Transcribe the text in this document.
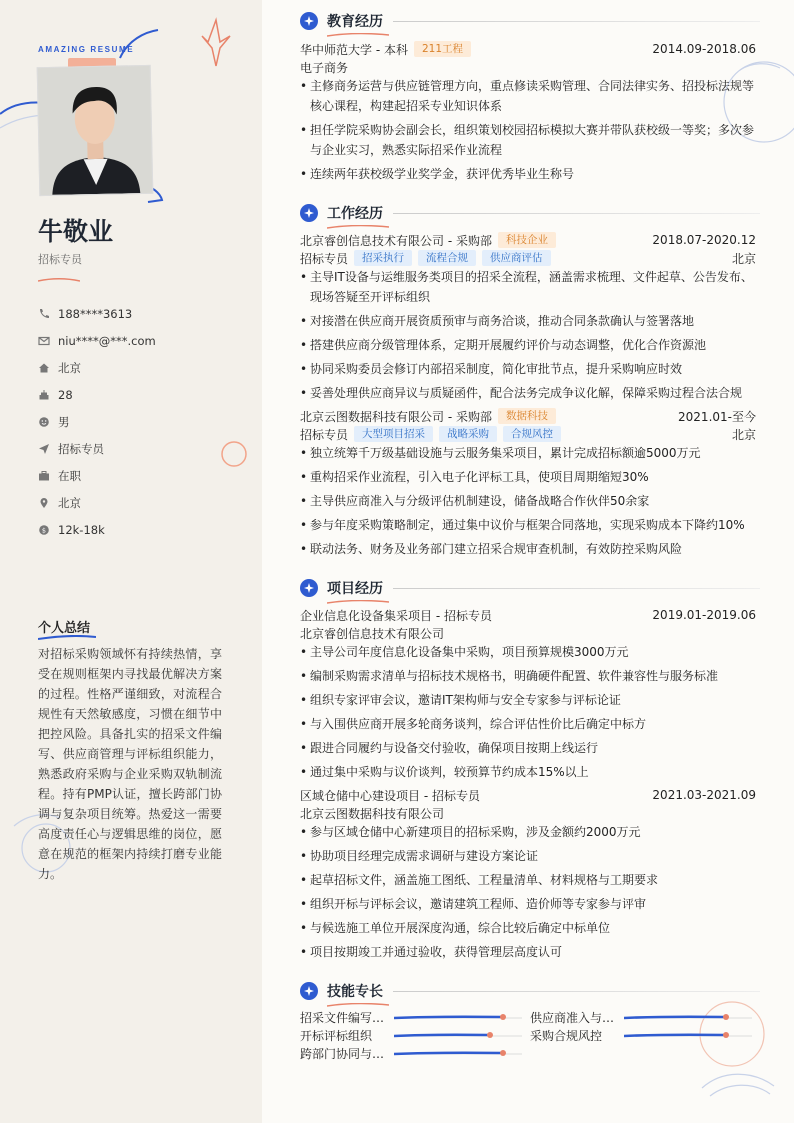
AMAZING RESUME
牛敬业
招标专员
188****3613
niu****@***.com
北京
28
男
招标专员
在职
北京
$ 12k-18k
个人总结
对招标采购领域怀有持续热情，享受在规则框架内寻找最优解决方案的过程。性格严谨细致，对流程合规性有天然敏感度，习惯在细节中把控风险。具备扎实的招采文件编写、供应商管理与评标组织能力，熟悉政府采购与企业采购双轨制流程。持有PMP认证，擅长跨部门协调与复杂项目统筹。热爱这一需要高度责任心与逻辑思维的岗位，愿意在规范的框架内持续打磨专业能力。
教育经历
华中师范大学 - 本科	211工程	2014.09-2018.06
电子商务
• 主修商务运营与供应链管理方向，重点修读采购管理、合同法律实务、招投标法规等核心课程，构建起招采专业知识体系
• 担任学院采购协会副会长，组织策划校园招标模拟大赛并带队获校级一等奖；多次参与企业实习，熟悉实际招采作业流程
• 连续两年获校级学业奖学金，获评优秀毕业生称号
工作经历
北京睿创信息技术有限公司 - 采购部	科技企业	2018.07-2020.12
招标专员	招采执行	流程合规	供应商评估	北京
• 主导IT设备与运维服务类项目的招采全流程，涵盖需求梳理、文件起草、公告发布、现场答疑至开评标组织
• 对接潜在供应商开展资质预审与商务洽谈，推动合同条款确认与签署落地
• 搭建供应商分级管理体系，定期开展履约评价与动态调整，优化合作资源池
• 协同采购委员会修订内部招采制度，简化审批节点，提升采购响应时效
• 妥善处理供应商异议与质疑函件，配合法务完成争议化解，保障采购过程合法合规
北京云图数据科技有限公司 - 采购部	数据科技	2021.01-至今
招标专员	大型项目招采	战略采购	合规风控	北京
• 独立统筹千万级基础设施与云服务集采项目，累计完成招标额逾5000万元
• 重构招采作业流程，引入电子化评标工具，使项目周期缩短30%
• 主导供应商准入与分级评估机制建设，储备战略合作伙伴50余家
• 参与年度采购策略制定，通过集中议价与框架合同落地，实现采购成本下降约10%
• 联动法务、财务及业务部门建立招采合规审查机制，有效防控采购风险
项目经历
企业信息化设备集采项目 - 招标专员	2019.01-2019.06
北京睿创信息技术有限公司
• 主导公司年度信息化设备集中采购，项目预算规模3000万元
• 编制采购需求清单与招标技术规格书，明确硬件配置、软件兼容性与服务标准
• 组织专家评审会议，邀请IT架构师与安全专家参与评标论证
• 与入围供应商开展多轮商务谈判，综合评估性价比后确定中标方
• 跟进合同履约与设备交付验收，确保项目按期上线运行
• 通过集中采购与议价谈判，较预算节约成本15%以上
区域仓储中心建设项目 - 招标专员	2021.03-2021.09
北京云图数据科技有限公司
• 参与区域仓储中心新建项目的招标采购，涉及金额约2000万元
• 协助项目经理完成需求调研与建设方案论证
• 起草招标文件，涵盖施工图纸、工程量清单、材料规格与工期要求
• 组织开标与评标会议，邀请建筑工程师、造价师等专家参与评审
• 与候选施工单位开展深度沟通，综合比较后确定中标单位
• 项目按期竣工并通过验收，获得管理层高度认可
技能专长
招采文件编写…	供应商准入与…
开标评标组织	采购合规风控
跨部门协同与…
